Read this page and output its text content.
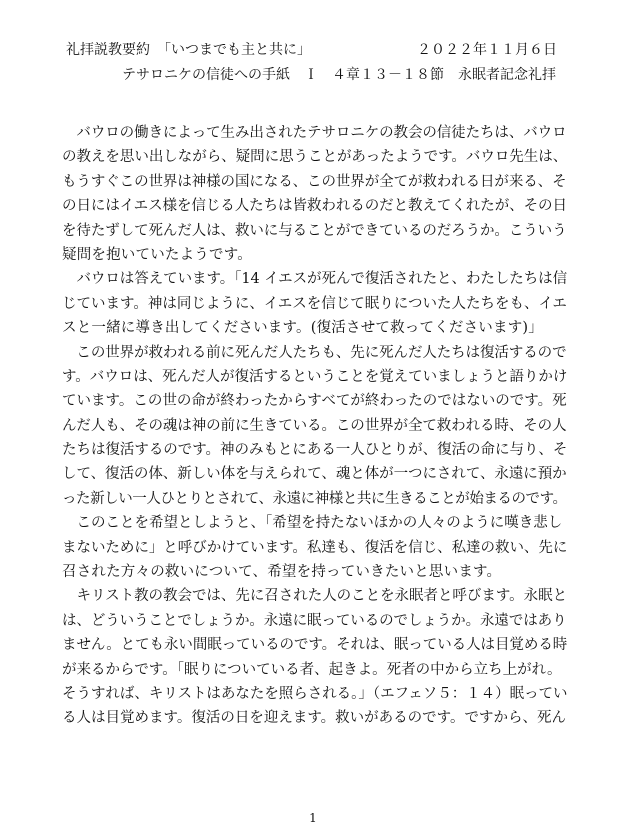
礼拝説教要約　「いつまでも主と共に」	２０２２年１１月６日
テサロニケの信徒への手紙　Ｉ　４章１３－１８節　永眠者記念礼拝
　バウロの働きによって生み出されたテサロニケの教会の信徒たちは、バウロ
の教えを思い出しながら、疑問に思うことがあったようです。バウロ先生は、
もうすぐこの世界は神様の国になる、この世界が全てが救われる日が来る、そ
の日にはイエス様を信じる人たちは皆救われるのだと教えてくれたが、その日
を待たずして死んだ人は、救いに与ることができているのだろうか。こういう
疑問を抱いていたようです。
　バウロは答えています。「14 イエスが死んで復活されたと、わたしたちは信
じています。神は同じように、イエスを信じて眠りについた人たちをも、イエ
スと一緒に導き出してくださいます。(復活させて救ってくださいます)」
　この世界が救われる前に死んだ人たちも、先に死んだ人たちは復活するので
す。バウロは、死んだ人が復活するということを覚えていましょうと語りかけ
ています。この世の命が終わったからすべてが終わったのではないのです。死
んだ人も、その魂は神の前に生きている。この世界が全て救われる時、その人
たちは復活するのです。神のみもとにある一人ひとりが、復活の命に与り、そ
して、復活の体、新しい体を与えられて、魂と体が一つにされて、永遠に預か
った新しい一人ひとりとされて、永遠に神様と共に生きることが始まるのです。
　このことを希望としようと、「希望を持たないほかの人々のように嘆き悲し
まないために」と呼びかけています。私達も、復活を信じ、私達の救い、先に
召された方々の救いについて、希望を持っていきたいと思います。
　キリスト教の教会では、先に召された人のことを永眠者と呼びます。永眠と
は、どういうことでしょうか。永遠に眠っているのでしょうか。永遠ではあり
ません。とても永い間眠っているのです。それは、眠っている人は目覚める時
が来るからです。「眠りについている者、起きよ。死者の中から立ち上がれ。
そうすれば、キリストはあなたを照らされる。」（エフェソ５：１４）眠ってい
る人は目覚めます。復活の日を迎えます。救いがあるのです。ですから、死ん
1
